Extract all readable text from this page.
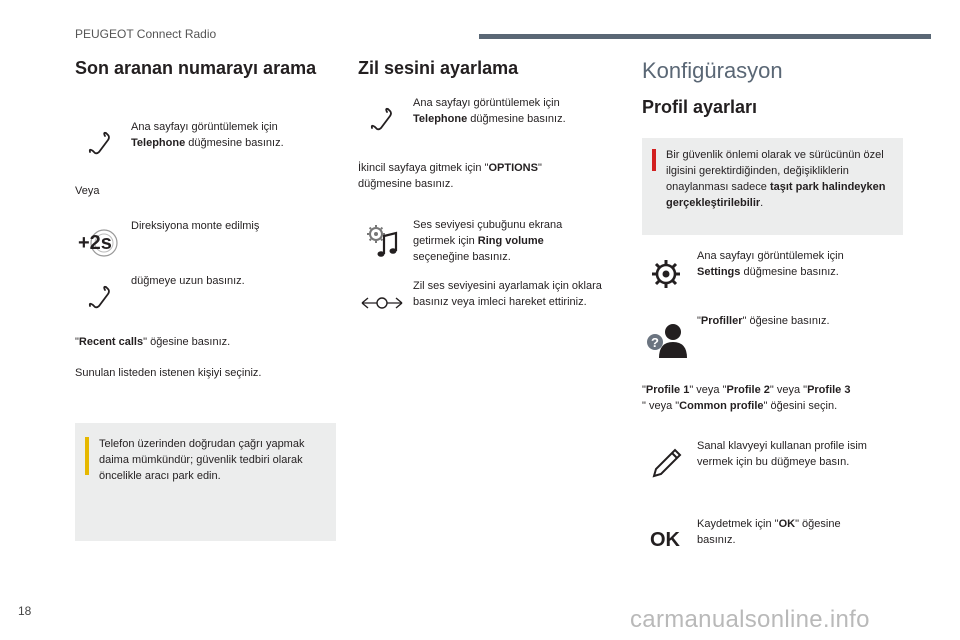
PEUGEOT Connect Radio
Son aranan numarayı arama
Ana sayfayı görüntülemek için
Telephone düğmesine basınız.
Veya
+2s
Direksiyona monte edilmiş
düğmeye uzun basınız.
"Recent calls" öğesine basınız.
Sunulan listeden istenen kişiyi seçiniz.
Telefon üzerinden doğrudan çağrı yapmak daima mümkündür; güvenlik tedbiri olarak öncelikle aracı park edin.
Zil sesini ayarlama
Ana sayfayı görüntülemek için
Telephone düğmesine basınız.
İkincil sayfaya gitmek için "OPTIONS" düğmesine basınız.
Ses seviyesi çubuğunu ekrana getirmek için Ring volume seçeneğine basınız.
Zil ses seviyesini ayarlamak için oklara basınız veya imleci hareket ettiriniz.
Konfigürasyon
Profil ayarları
Bir güvenlik önlemi olarak ve sürücünün özel ilgisini gerektirdiğinden, değişikliklerin onaylanması sadece taşıt park halindeyken gerçekleştirilebilir.
Ana sayfayı görüntülemek için
Settings düğmesine basınız.
?
"Profiller" öğesine basınız.
"Profile 1" veya "Profile 2" veya "Profile 3
" veya "Common profile" öğesini seçin.
Sanal klavyeyi kullanan profile isim vermek için bu düğmeye basın.
OK
Kaydetmek için "OK" öğesine basınız.
18	carmanualsonline.info
